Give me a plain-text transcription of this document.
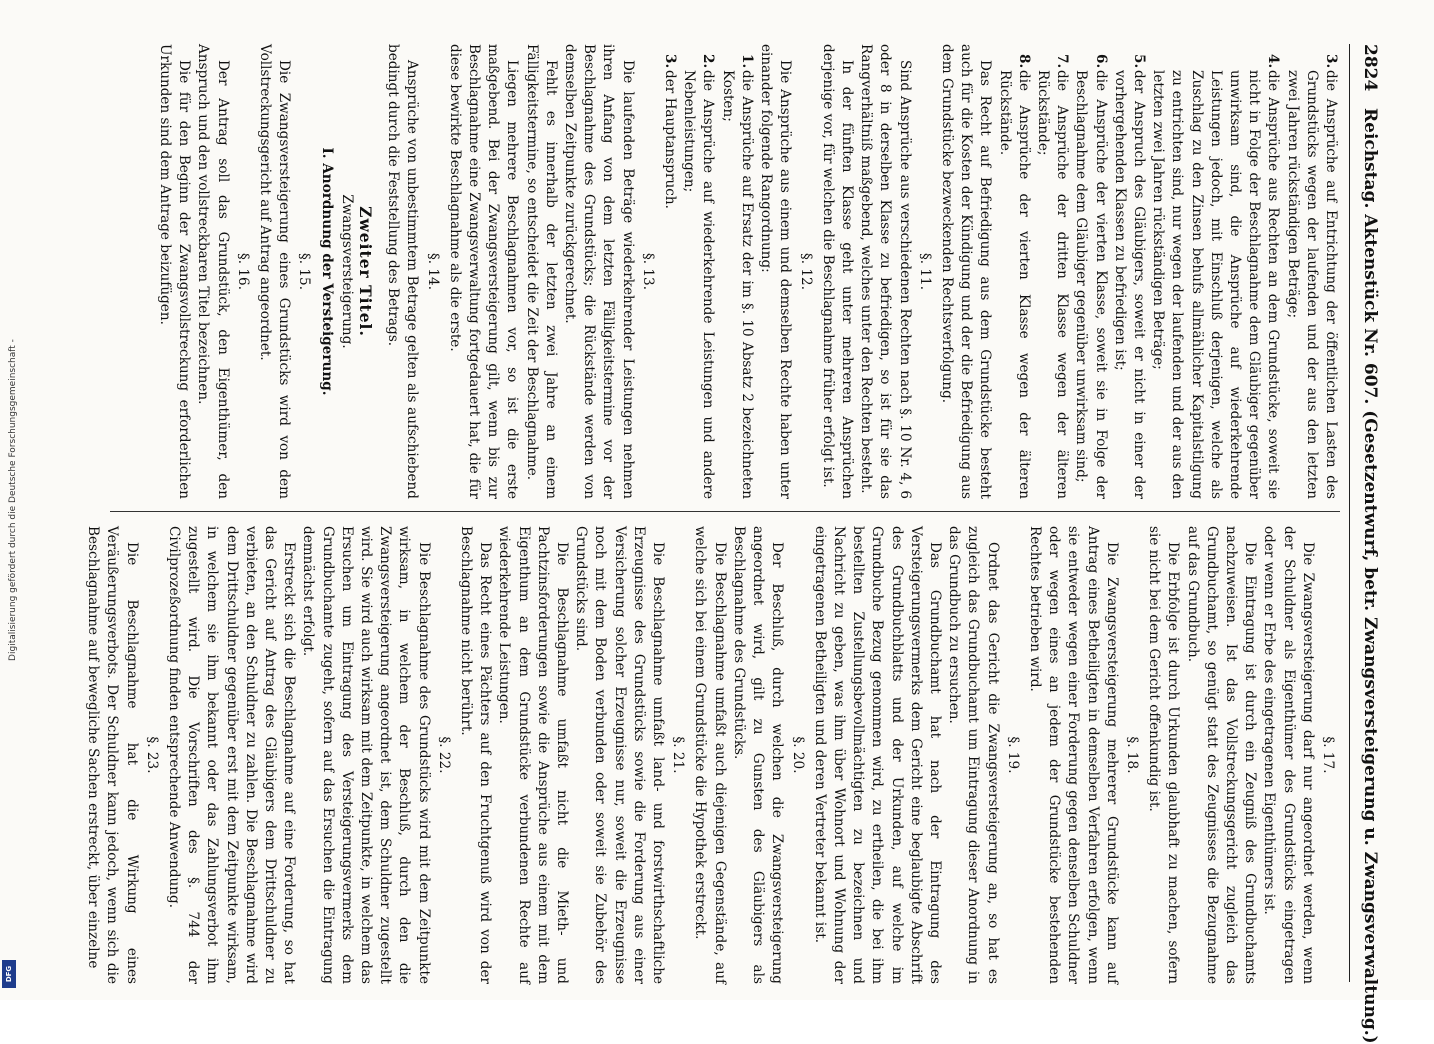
2824
Reichstag. Aktenstück Nr. 607. (Gesetzentwurf, betr. Zwangsversteigerung u. Zwangsverwaltung.)

3.die Ansprüche auf Entrichtung der öffentlichen Lasten des Grundstücks wegen der laufenden und der aus den letzten zwei Jahren rückständigen Beträge;

4.die Ansprüche aus Rechten an dem Grundstücke, soweit sie nicht in Folge der Beschlagnahme dem Gläubiger gegenüber unwirksam sind, die Ansprüche auf wiederkehrende Leistungen jedoch, mit Einschluß derjenigen, welche als Zuschlag zu den Zinsen behufs allmählicher Kapitalstilgung zu entrichten sind, nur wegen der laufenden und der aus den letzten zwei Jahren rückständigen Beträge;

5.der Anspruch des Gläubigers, soweit er nicht in einer der vorhergehenden Klassen zu befriedigen ist;

6.die Ansprüche der vierten Klasse, soweit sie in Folge der Beschlagnahme dem Gläubiger gegenüber unwirksam sind;

7.die Ansprüche der dritten Klasse wegen der älteren Rückstände;

8.die Ansprüche der vierten Klasse wegen der älteren Rückstände.

Das Recht auf Befriedigung aus dem Grundstücke besteht auch für die Kosten der Kündigung und der die Befriedigung aus dem Grundstücke bezweckenden Rechtsverfolgung.

§. 11.

Sind Ansprüche aus verschiedenen Rechten nach §. 10 Nr. 4, 6 oder 8 in derselben Klasse zu befriedigen, so ist für sie das Rangverhältniß maßgebend, welches unter den Rechten besteht.

In der fünften Klasse geht unter mehreren Ansprüchen derjenige vor, für welchen die Beschlagnahme früher erfolgt ist.

§. 12.

Die Ansprüche aus einem und demselben Rechte haben unter einander folgende Rangordnung:

1.die Ansprüche auf Ersatz der im §. 10 Absatz 2 bezeichneten Kosten;

2.die Ansprüche auf wiederkehrende Leistungen und andere Nebenleistungen;

3.der Hauptanspruch.

§. 13.

Die laufenden Beträge wiederkehrender Leistungen nehmen ihren Anfang von dem letzten Fälligkeitstermine vor der Beschlagnahme des Grundstücks; die Rückstände werden von demselben Zeitpunkte zurückgerechnet.

Fehlt es innerhalb der letzten zwei Jahre an einem Fälligkeitstermine, so entscheidet die Zeit der Beschlagnahme.

Liegen mehrere Beschlagnahmen vor, so ist die erste maßgebend. Bei der Zwangsversteigerung gilt, wenn bis zur Beschlagnahme eine Zwangsverwaltung fortgedauert hat, die für diese bewirkte Beschlagnahme als die erste.

§. 14.

Ansprüche von unbestimmtem Betrage gelten als aufschiebend bedingt durch die Feststellung des Betrags.

Zweiter Titel.

Zwangsversteigerung.

I. Anordnung der Versteigerung.

§. 15.

Die Zwangsversteigerung eines Grundstücks wird von dem Vollstreckungsgericht auf Antrag angeordnet.

§. 16.

Der Antrag soll das Grundstück, den Eigenthümer, den Anspruch und den vollstreckbaren Titel bezeichnen.

Die für den Beginn der Zwangsvollstreckung erforderlichen Urkunden sind dem Antrage beizufügen.

§. 17.

Die Zwangsversteigerung darf nur angeordnet werden, wenn der Schuldner als Eigenthümer des Grundstücks eingetragen oder wenn er Erbe des eingetragenen Eigenthümers ist.

Die Eintragung ist durch ein Zeugniß des Grundbuchamts nachzuweisen. Ist das Vollstreckungsgericht zugleich das Grundbuchamt, so genügt statt des Zeugnisses die Bezugnahme auf das Grundbuch.

Die Erbfolge ist durch Urkunden glaubhaft zu machen, sofern sie nicht bei dem Gericht offenkundig ist.

§. 18.

Die Zwangsversteigerung mehrerer Grundstücke kann auf Antrag eines Betheiligten in demselben Verfahren erfolgen, wenn sie entweder wegen einer Forderung gegen denselben Schuldner oder wegen eines an jedem der Grundstücke bestehenden Rechtes betrieben wird.

§. 19.

Ordnet das Gericht die Zwangsversteigerung an, so hat es zugleich das Grundbuchamt um Eintragung dieser Anordnung in das Grundbuch zu ersuchen.

Das Grundbuchamt hat nach der Eintragung des Versteigerungsvermerks dem Gericht eine beglaubigte Abschrift des Grundbuchblatts und der Urkunden, auf welche im Grundbuche Bezug genommen wird, zu ertheilen, die bei ihm bestellten Zustellungsbevollmächtigten zu bezeichnen und Nachricht zu geben, was ihm über Wohnort und Wohnung der eingetragenen Betheiligten und deren Vertreter bekannt ist.

§. 20.

Der Beschluß, durch welchen die Zwangsversteigerung angeordnet wird, gilt zu Gunsten des Gläubigers als Beschlagnahme des Grundstücks.

Die Beschlagnahme umfaßt auch diejenigen Gegenstände, auf welche sich bei einem Grundstücke die Hypothek erstreckt.

§. 21.

Die Beschlagnahme umfaßt land- und forstwirthschaftliche Erzeugnisse des Grundstücks sowie die Forderung aus einer Versicherung solcher Erzeugnisse nur, soweit die Erzeugnisse noch mit dem Boden verbunden oder soweit sie Zubehör des Grundstücks sind.

Die Beschlagnahme umfaßt nicht die Mieth- und Pachtzinsforderungen sowie die Ansprüche aus einem mit dem Eigenthum an dem Grundstücke verbundenen Rechte auf wiederkehrende Leistungen.

Das Recht eines Pächters auf den Fruchtgenuß wird von der Beschlagnahme nicht berührt.

§. 22.

Die Beschlagnahme des Grundstücks wird mit dem Zeitpunkte wirksam, in welchem der Beschluß, durch den die Zwangsversteigerung angeordnet ist, dem Schuldner zugestellt wird. Sie wird auch wirksam mit dem Zeitpunkte, in welchem das Ersuchen um Eintragung des Versteigerungsvermerks dem Grundbuchamte zugeht, sofern auf das Ersuchen die Eintragung demnächst erfolgt.

Erstreckt sich die Beschlagnahme auf eine Forderung, so hat das Gericht auf Antrag des Gläubigers dem Drittschuldner zu verbieten, an den Schuldner zu zahlen. Die Beschlagnahme wird dem Drittschuldner gegenüber erst mit dem Zeitpunkte wirksam, in welchem sie ihm bekannt oder das Zahlungsverbot ihm zugestellt wird. Die Vorschriften des §. 744 der Civilprozeßordnung finden entsprechende Anwendung.

§. 23.

Die Beschlagnahme hat die Wirkung eines Veräußerungsverbots. Der Schuldner kann jedoch, wenn sich die Beschlagnahme auf bewegliche Sachen erstreckt, über einzelne

Digitalisierung gefördert durch die Deutsche Forschungsgemeinschaft -
DFG
